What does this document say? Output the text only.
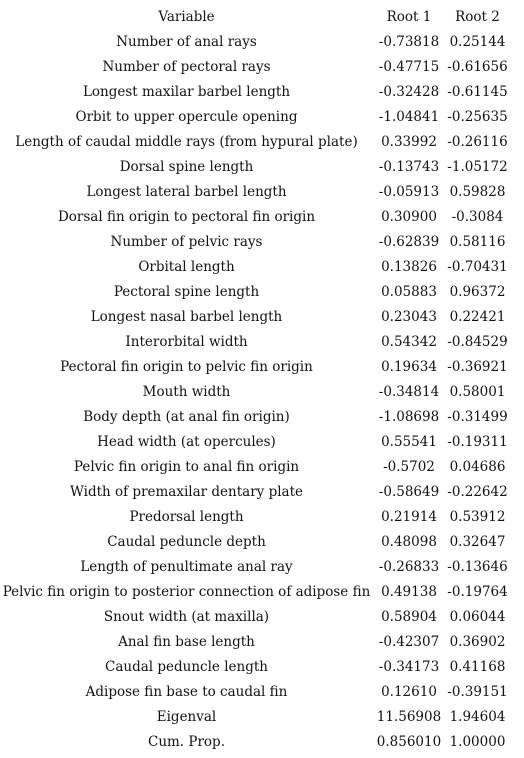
Variable	Root 1	Root 2
Number of anal rays	-0.73818 0.25144
Number of pectoral rays	-0.47715 -0.61656
Longest maxilar barbel length	-0.32428 -0.61145
Orbit to upper opercule opening	-1.04841 -0.25635
Length of caudal middle rays (from hypural plate)	0.33992 -0.26116
Dorsal spine length	-0.13743 -1.05172
Longest lateral barbel length	-0.05913 0.59828
Dorsal fin origin to pectoral fin origin	0.30900	-0.3084
Number of pelvic rays	-0.62839 0.58116
Orbital length	0.13826 -0.70431
Pectoral spine length	0.05883 0.96372
Longest nasal barbel length	0.23043 0.22421
Interorbital width	0.54342 -0.84529
Pectoral fin origin to pelvic fin origin	0.19634 -0.36921
Mouth width	-0.34814 0.58001
Body depth (at anal fin origin)	-1.08698 -0.31499
Head width (at opercules)	0.55541 -0.19311
Pelvic fin origin to anal fin origin	-0.5702	0.04686
Width of premaxilar dentary plate	-0.58649 -0.22642
Predorsal length	0.21914 0.53912
Caudal peduncle depth	0.48098 0.32647
Length of penultimate anal ray	-0.26833 -0.13646
Pelvic fin origin to posterior connection of adipose fin 0.49138 -0.19764
Snout width (at maxilla)	0.58904 0.06044
Anal fin base length	-0.42307 0.36902
Caudal peduncle length	-0.34173 0.41168
Adipose fin base to caudal fin	0.12610 -0.39151
Eigenval	11.56908 1.94604
Cum. Prop.	0.856010 1.00000
